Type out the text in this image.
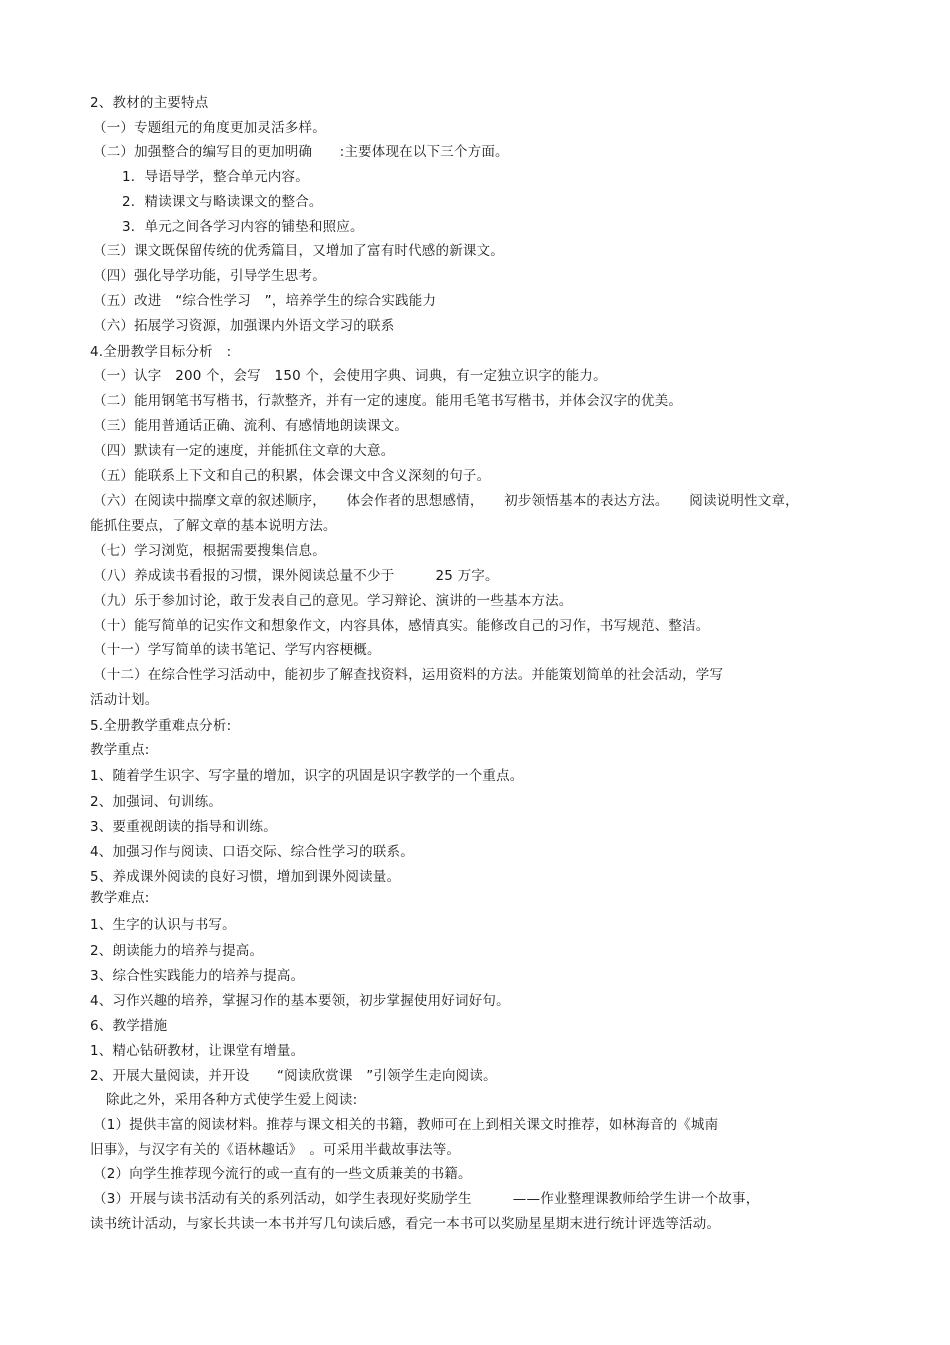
2、教材的主要特点
（一）专题组元的角度更加灵活多样。
（二）加强整合的编写目的更加明确　　:主要体现在以下三个方面。
1．导语导学，整合单元内容。
2．精读课文与略读课文的整合。
3．单元之间各学习内容的铺垫和照应。
（三）课文既保留传统的优秀篇目，又增加了富有时代感的新课文。
（四）强化导学功能，引导学生思考。
（五）改进　“综合性学习　”，培养学生的综合实践能力
（六）拓展学习资源，加强课内外语文学习的联系
4.全册教学目标分析　:
（一）认字　200 个，会写　150 个，会使用字典、词典，有一定独立识字的能力。
（二）能用钢笔书写楷书，行款整齐，并有一定的速度。能用毛笔书写楷书，并体会汉字的优美。
（三）能用普通话正确、流利、有感情地朗读课文。
（四）默读有一定的速度，并能抓住文章的大意。
（五）能联系上下文和自己的积累，体会课文中含义深刻的句子。
（六）在阅读中揣摩文章的叙述顺序，　　体会作者的思想感情，　　初步领悟基本的表达方法。　　阅读说明性文章，
能抓住要点，了解文章的基本说明方法。
（七）学习浏览，根据需要搜集信息。
（八）养成读书看报的习惯，课外阅读总量不少于　　　25 万字。
（九）乐于参加讨论，敢于发表自己的意见。学习辩论、演讲的一些基本方法。
（十）能写简单的记实作文和想象作文，内容具体，感情真实。能修改自己的习作，书写规范、整洁。
（十一）学写简单的读书笔记、学写内容梗概。
（十二）在综合性学习活动中，能初步了解查找资料，运用资料的方法。并能策划简单的社会活动，学写
活动计划。
5.全册教学重难点分析:
教学重点:
1、随着学生识字、写字量的增加，识字的巩固是识字教学的一个重点。
2、加强词、句训练。
3、要重视朗读的指导和训练。
4、加强习作与阅读、口语交际、综合性学习的联系。
5、养成课外阅读的良好习惯，增加到课外阅读量。
教学难点:
1、生字的认识与书写。
2、朗读能力的培养与提高。
3、综合性实践能力的培养与提高。
4、习作兴趣的培养，掌握习作的基本要领，初步掌握使用好词好句。
6、教学措施
1、精心钻研教材，让课堂有增量。
2、开展大量阅读，并开设　　“阅读欣赏课　”引领学生走向阅读。
除此之外，采用各种方式使学生爱上阅读:
（1）提供丰富的阅读材料。推荐与课文相关的书籍，教师可在上到相关课文时推荐，如林海音的《城南
旧事》，与汉字有关的《语林趣话》　。可采用半截故事法等。
（2）向学生推荐现今流行的或一直有的一些文质兼美的书籍。
（3）开展与读书活动有关的系列活动，如学生表现好奖励学生　　　——作业整理课教师给学生讲一个故事，
读书统计活动，与家长共读一本书并写几句读后感，看完一本书可以奖励星星期末进行统计评选等活动。
